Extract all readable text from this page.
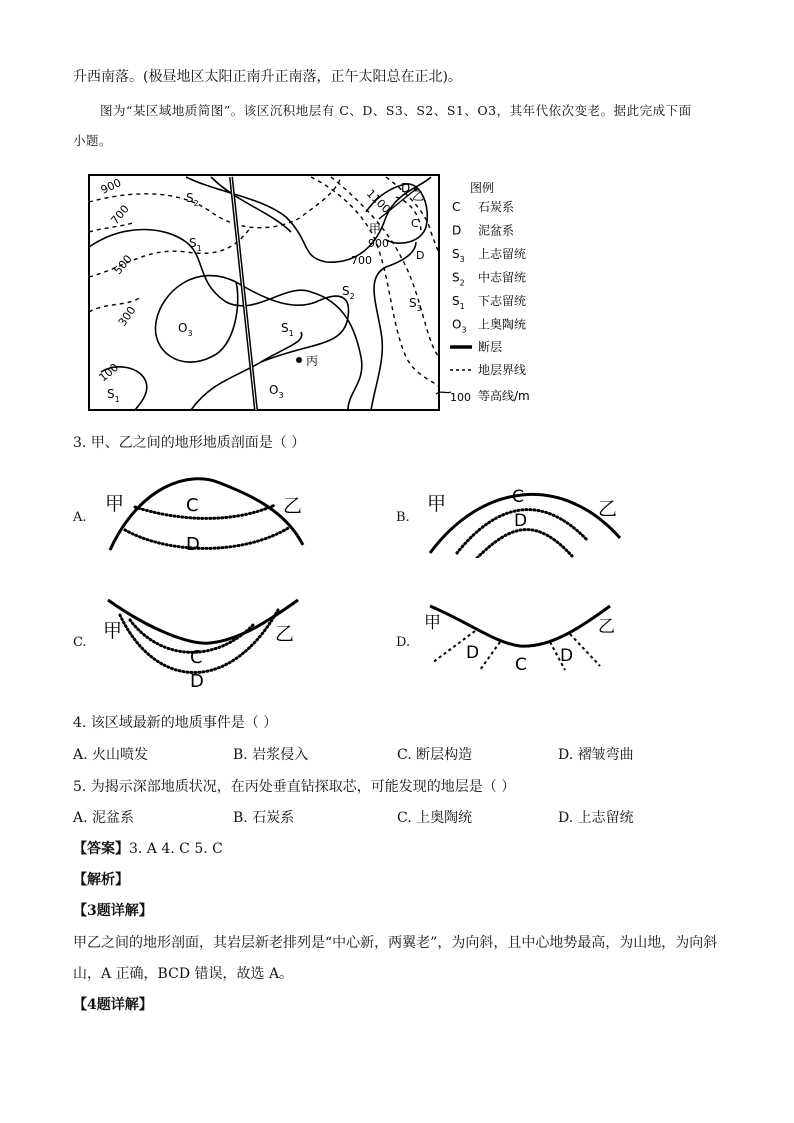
升西南落。(极昼地区太阳正南升正南落，正午太阳总在正北)。
图为“某区域地质简图”。该区沉积地层有 C、D、S3、S2、S1、O3，其年代依次变老。据此完成下面
小题。
900
700
500
300
100
1100
900
700
$S_2$
$S_1$
$O_3$
$S_1$
$S_1$
$O_3$
$S_2$	$S_3$
D
C
D
甲
乙
丙
图例
C 石炭系
D 泥盆系
$S_3$ 上志留统
$S_2$ 中志留统
$S_1$ 下志留统
$O_3$ 上奥陶统
断层
地层界线
100 等高线/m
3. 甲、乙之间的地形地质剖面是（ ）
A.
甲	乙
C
D
B.
甲	乙
C
D
C.
甲	乙
C
D
D.
甲	乙
C
D	D
4. 该区域最新的地质事件是（ ）
A. 火山喷发	B. 岩浆侵入	C. 断层构造	D. 褶皱弯曲
5. 为揭示深部地质状况，在丙处垂直钻探取芯，可能发现的地层是（ ）
A. 泥盆系	B. 石炭系	C. 上奥陶统	D. 上志留统
【答案】3. A 4. C 5. C
【解析】
【3题详解】
甲乙之间的地形剖面，其岩层新老排列是“中心新，两翼老”，为向斜，且中心地势最高，为山地，为向斜
山，A 正确，BCD 错误，故选 A。
【4题详解】
